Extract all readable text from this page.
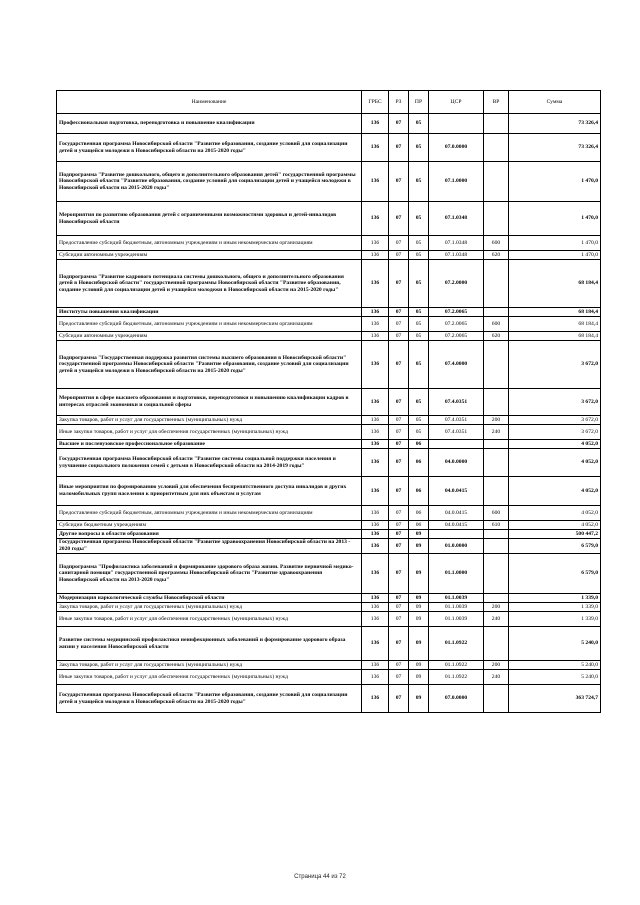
Наименование	ГРБС	РЗ	ПР	ЦСР	ВР	Сумма
Профессиональная подготовка, переподготовка и повышение квалификации	136	07	05			73 326,4
Государственная программа Новосибирской области "Развитие образования, создание условий для социализации детей и учащейся молодежи в Новосибирской области на 2015-2020 годы"	136	07	05	07.0.0000		73 326,4
Подпрограмма "Развитие дошкольного, общего и дополнительного образования детей" государственной программы Новосибирской области "Развитие образования, создание условий для социализации детей и учащейся молодежи в Новосибирской области на 2015-2020 годы"	136	07	05	07.1.0000		1 470,0
Мероприятия по развитию образования детей с ограниченными возможностями здоровья и детей-инвалидов Новосибирской области	136	07	05	07.1.0348		1 470,0
Предоставление субсидий бюджетным, автономным учреждениям и иным некоммерческим организациям	136	07	05	07.1.0348	600	1 470,0
Субсидии автономным учреждениям	136	07	05	07.1.0348	620	1 470,0
Подпрограмма "Развитие кадрового потенциала системы дошкольного, общего и дополнительного образования детей в Новосибирской области" государственной программы Новосибирской области "Развитие образования, создание условий для социализации детей и учащейся молодежи в Новосибирской области на 2015-2020 годы"	136	07	05	07.2.0000		68 184,4
Институты повышения квалификации	136	07	05	07.2.0065		68 184,4
Предоставление субсидий бюджетным, автономным учреждениям и иным некоммерческим организациям	136	07	05	07.2.0065	600	68 184,4
Субсидии автономным учреждениям	136	07	05	07.2.0065	620	68 184,4
Подпрограмма "Государственная поддержка развития системы высшего образования в Новосибирской области" государственной программы Новосибирской области "Развитие образования, создание условий для социализации детей и учащейся молодежи в Новосибирской области на 2015-2020 годы"	136	07	05	07.4.0000		3 672,0
Мероприятия в сфере высшего образования и подготовки, переподготовки и повышению квалификации кадров в интересах отраслей экономики и социальной сферы	136	07	05	07.4.0351		3 672,0
Закупка товаров, работ и услуг для государственных (муниципальных) нужд	136	07	05	07.4.0351	200	3 672,0
Иные закупки товаров, работ и услуг для обеспечения государственных (муниципальных) нужд	136	07	05	07.4.0351	240	3 672,0
Высшее и послевузовское профессиональное образование	136	07	06			4 052,0
Государственная программа Новосибирской области "Развитие системы социальной поддержки населения и улучшение социального положения семей с детьми в Новосибирской области на 2014-2019 годы"	136	07	06	04.0.0000		4 052,0
Иные мероприятия по формированию условий для обеспечения беспрепятственного доступа инвалидов и других маломобильных групп населения к приоритетным для них объектам и услугам	136	07	06	04.0.0415		4 052,0
Предоставление субсидий бюджетным, автономным учреждениям и иным некоммерческим организациям	136	07	06	04.0.0415	600	4 052,0
Субсидии бюджетным учреждениям	136	07	06	04.0.0415	610	4 052,0
Другие вопросы в области образования	136	07	09			500 447,2
Государственная программа Новосибирской области "Развитие здравоохранения Новосибирской области на 2013 - 2020 годы"	136	07	09	01.0.0000		6 579,0
Подпрограмма "Профилактика заболеваний и формирование здорового образа жизни. Развитие первичной медико-санитарной помощи" государственной программы Новосибирской области "Развитие здравоохранения Новосибирской области на 2013-2020 годы"	136	07	09	01.1.0000		6 579,0
Модернизация наркологической службы Новосибирской области	136	07	09	01.1.0039		1 339,0
Закупка товаров, работ и услуг для государственных (муниципальных) нужд	136	07	09	01.1.0039	200	1 339,0
Иные закупки товаров, работ и услуг для обеспечения государственных (муниципальных) нужд	136	07	09	01.1.0039	240	1 339,0
Развитие системы медицинской профилактики неинфекционных заболеваний и формирование здорового образа жизни у населения Новосибирской области	136	07	09	01.1.0922		5 240,0
Закупка товаров, работ и услуг для государственных (муниципальных) нужд	136	07	09	01.1.0922	200	5 240,0
Иные закупки товаров, работ и услуг для обеспечения государственных (муниципальных) нужд	136	07	09	01.1.0922	240	5 240,0
Государственная программа Новосибирской области "Развитие образования, создание условий для социализации детей и учащейся молодежи в Новосибирской области на 2015-2020 годы"	136	07	09	07.0.0000		363 724,7
Страница 44 из 72
